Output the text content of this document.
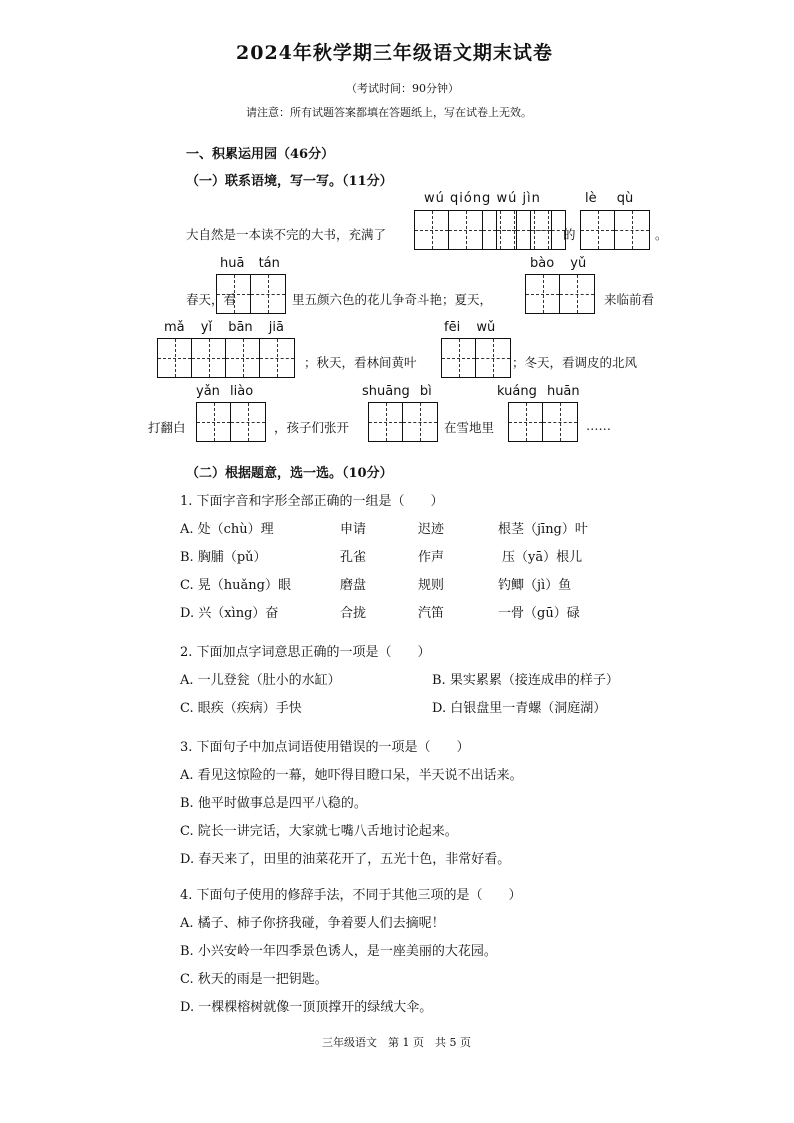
2024年秋学期三年级语文期末试卷
（考试时间：90分钟）
请注意：所有试题答案都填在答题纸上，写在试卷上无效。
一、积累运用园（46分）
（一）联系语境，写一写。（11分）
wú qióng wú jìn	lè qù
大自然是一本读不完的大书，充满了	的	。
huā tán	bào yǔ
春天，看	里五颜六色的花儿争奇斗艳；夏天，	来临前看
mǎ yǐ bān jiā	fēi wǔ
；秋天，看林间黄叶	；冬天，看调皮的北风
yǎn liào	shuāng bì	kuáng huān
打翻白	，孩子们张开	在雪地里	……
（二）根据题意，选一选。（10分）
1. 下面字音和字形全部正确的一组是（　　）
A. 处（chù）理	申请	迟迹	根茎（jīng）叶
B. 胸脯（pǔ）	孔雀	作声	压（yā）根儿
C. 晃（huǎng）眼	磨盘	规则	钓鲫（jì）鱼
D. 兴（xìng）奋	合拢	汽笛	一骨（gū）碌
2. 下面加点字词意思正确的一项是（　　）
A. 一儿登瓮（肚小的水缸）	B. 果实累累（接连成串的样子）
C. 眼疾（疾病）手快	D. 白银盘里一青螺（洞庭湖）
3. 下面句子中加点词语使用错误的一项是（　　）
A. 看见这惊险的一幕，她吓得目瞪口呆，半天说不出话来。
B. 他平时做事总是四平八稳的。
C. 院长一讲完话，大家就七嘴八舌地讨论起来。
D. 春天来了，田里的油菜花开了，五光十色，非常好看。
4. 下面句子使用的修辞手法，不同于其他三项的是（　　）
A. 橘子、柿子你挤我碰，争着要人们去摘呢！
B. 小兴安岭一年四季景色诱人，是一座美丽的大花园。
C. 秋天的雨是一把钥匙。
D. 一棵棵榕树就像一顶顶撑开的绿绒大伞。
三年级语文　第 1 页　共 5 页
